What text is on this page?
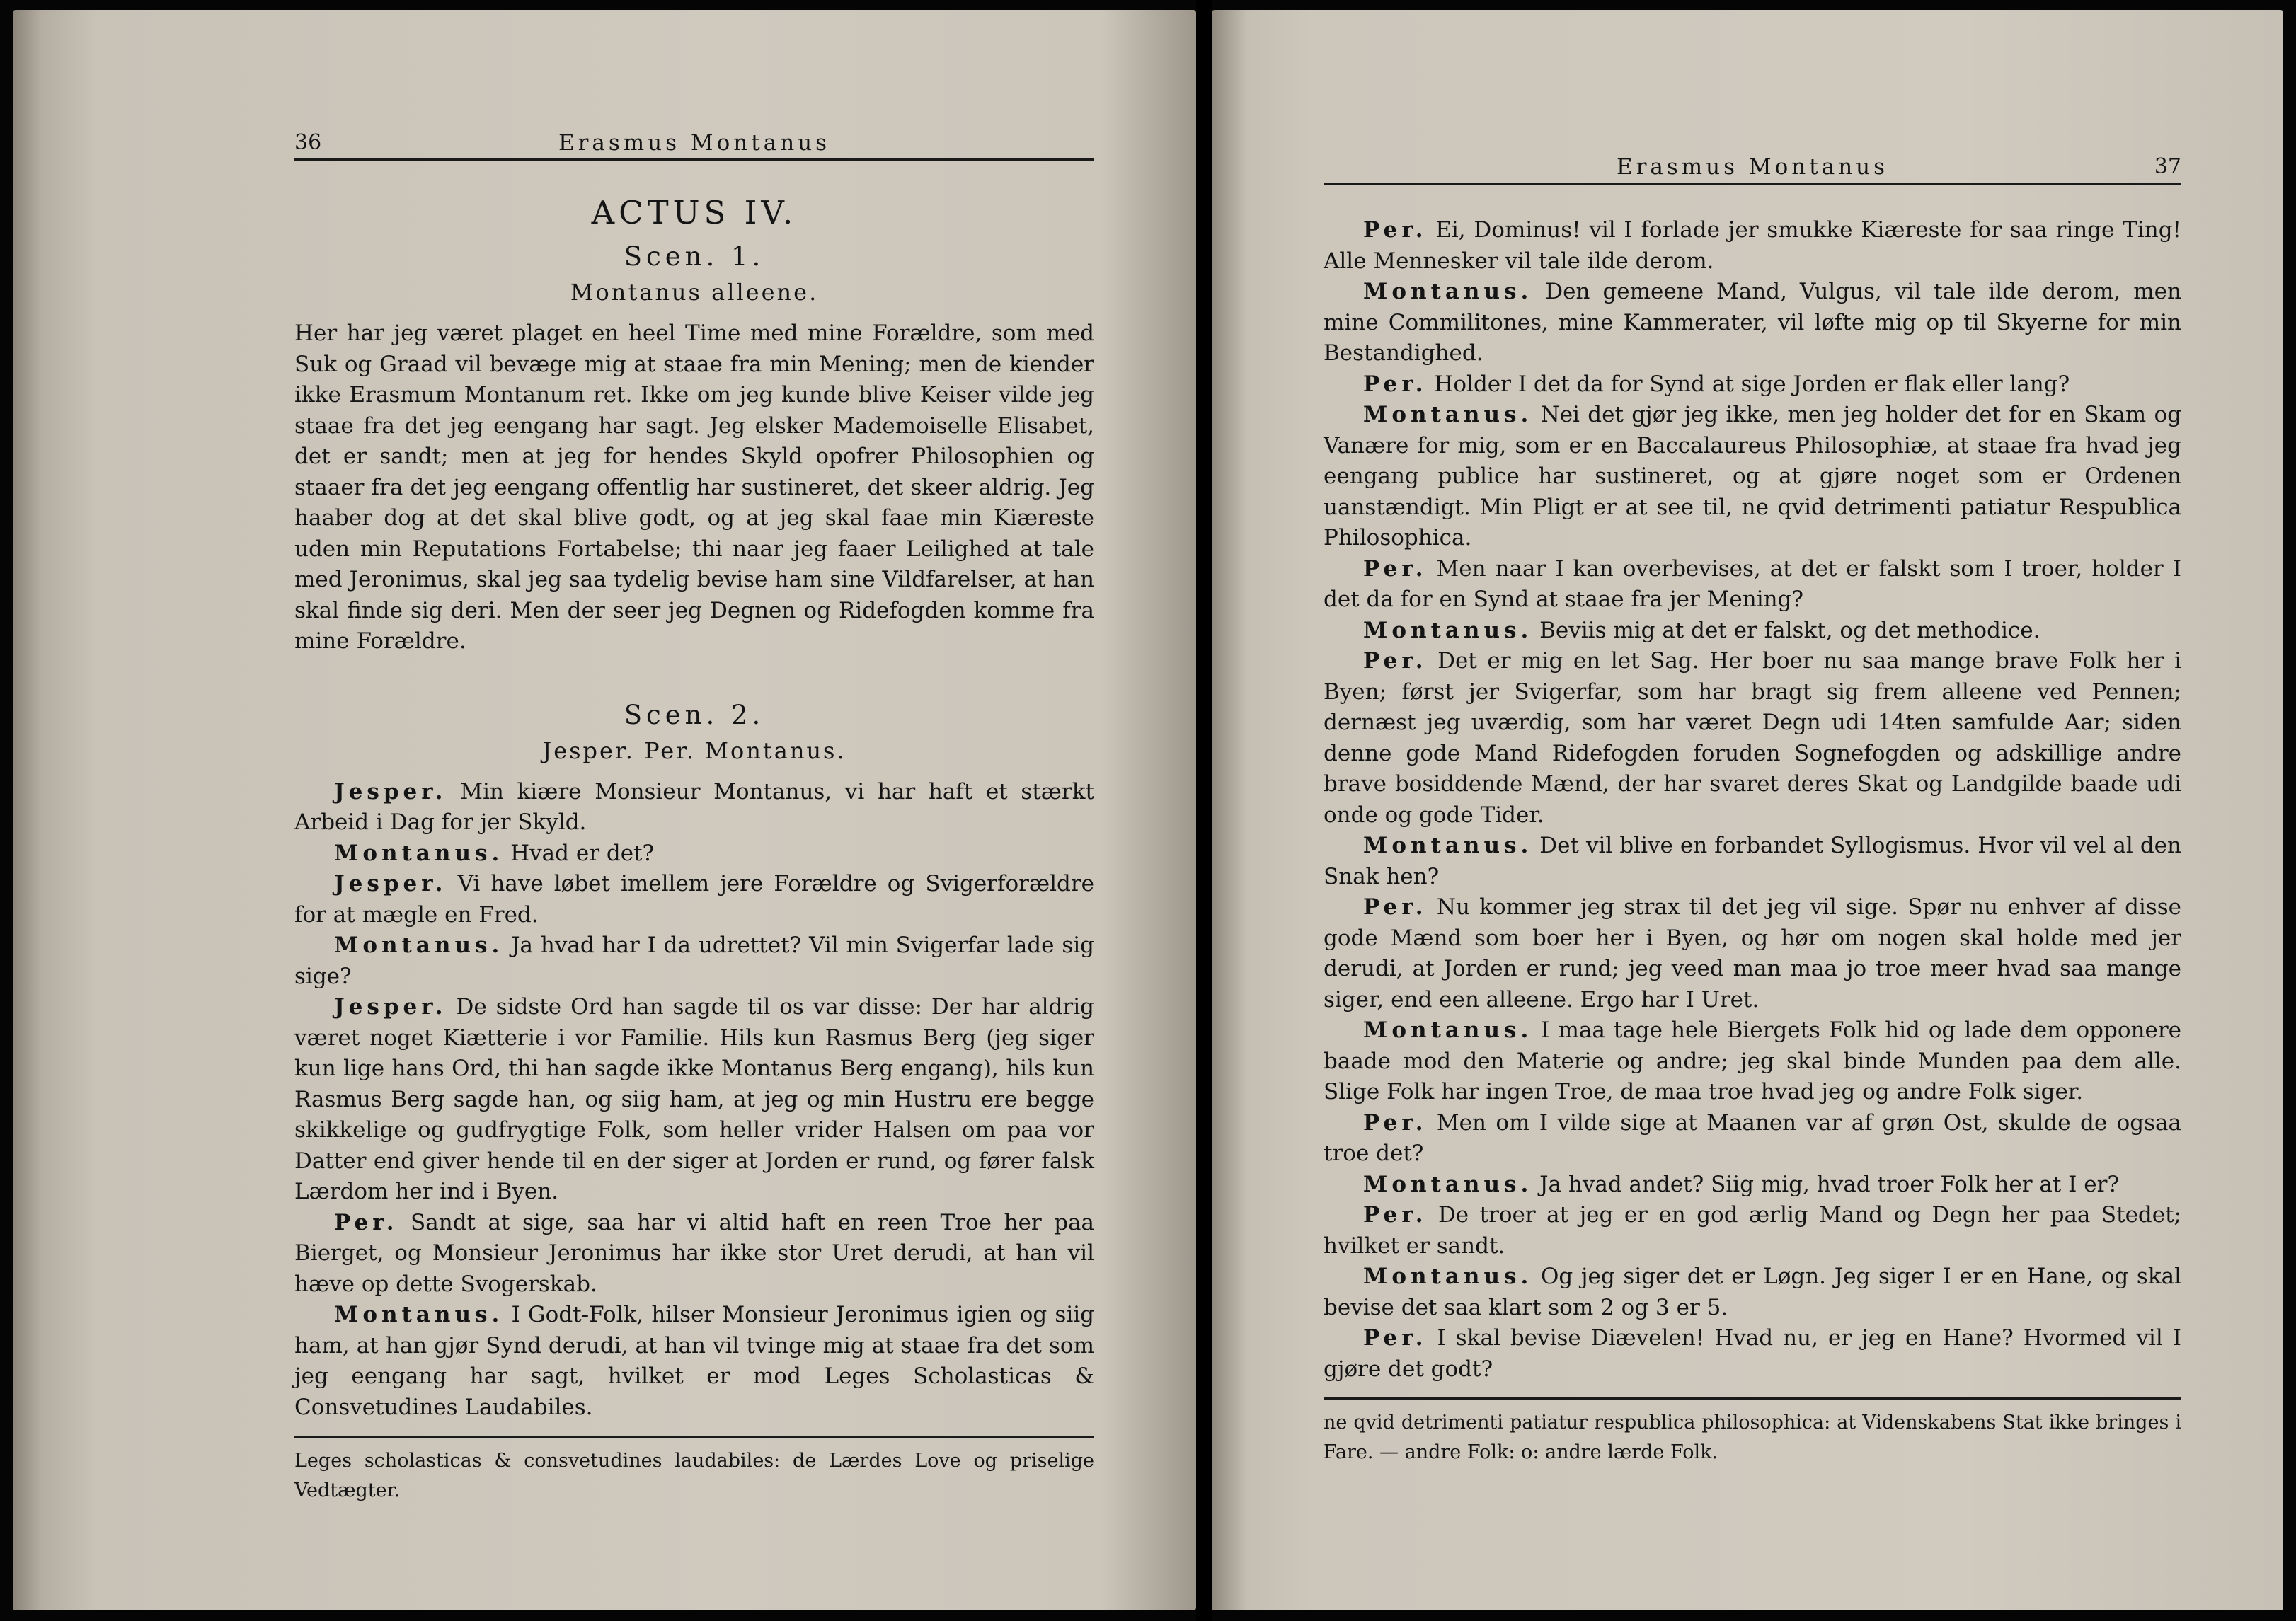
36	Erasmus Montanus
ACTUS IV.
Scen. 1.
Montanus alleene.

Her har jeg været plaget en heel Time med mine Forældre, som med Suk og Graad vil bevæge mig at staae fra min Mening; men de kiender ikke Erasmum Montanum ret. Ikke om jeg kunde blive Keiser vilde jeg staae fra det jeg eengang har sagt. Jeg elsker Mademoiselle Elisabet, det er sandt; men at jeg for hendes Skyld opofrer Philosophien og staaer fra det jeg eengang offentlig har sustineret, det skeer aldrig. Jeg haaber dog at det skal blive godt, og at jeg skal faae min Kiæreste uden min Reputations Fortabelse; thi naar jeg faaer Leilighed at tale med Jeronimus, skal jeg saa tydelig bevise ham sine Vildfarelser, at han skal finde sig deri. Men der seer jeg Degnen og Ridefogden komme fra mine Forældre.

Scen. 2.
Jesper. Per. Montanus.

Jesper. Min kiære Monsieur Montanus, vi har haft et stærkt Arbeid i Dag for jer Skyld.

Montanus. Hvad er det?

Jesper. Vi have løbet imellem jere Forældre og Svigerforældre for at mægle en Fred.

Montanus. Ja hvad har I da udrettet? Vil min Svigerfar lade sig sige?

Jesper. De sidste Ord han sagde til os var disse: Der har aldrig været noget Kiætterie i vor Familie. Hils kun Rasmus Berg (jeg siger kun lige hans Ord, thi han sagde ikke Montanus Berg engang), hils kun Rasmus Berg sagde han, og siig ham, at jeg og min Hustru ere begge skikkelige og gudfrygtige Folk, som heller vrider Halsen om paa vor Datter end giver hende til en der siger at Jorden er rund, og fører falsk Lærdom her ind i Byen.

Per. Sandt at sige, saa har vi altid haft en reen Troe her paa Bierget, og Monsieur Jeronimus har ikke stor Uret derudi, at han vil hæve op dette Svogerskab.

Montanus. I Godt-Folk, hilser Monsieur Jeronimus igien og siig ham, at han gjør Synd derudi, at han vil tvinge mig at staae fra det som jeg eengang har sagt, hvilket er mod Leges Scholasticas & Consvetudines Laudabiles.

Leges scholasticas & consvetudines laudabiles: de Lærdes Love og priselige Vedtægter.

Erasmus Montanus	37

Per. Ei, Dominus! vil I forlade jer smukke Kiæreste for saa ringe Ting! Alle Mennesker vil tale ilde derom.

Montanus. Den gemeene Mand, Vulgus, vil tale ilde derom, men mine Commilitones, mine Kammerater, vil løfte mig op til Skyerne for min Bestandighed.

Per. Holder I det da for Synd at sige Jorden er flak eller lang?

Montanus. Nei det gjør jeg ikke, men jeg holder det for en Skam og Vanære for mig, som er en Baccalaureus Philosophiæ, at staae fra hvad jeg eengang publice har sustineret, og at gjøre noget som er Ordenen uanstændigt. Min Pligt er at see til, ne qvid detrimenti patiatur Respublica Philosophica.

Per. Men naar I kan overbevises, at det er falskt som I troer, holder I det da for en Synd at staae fra jer Mening?

Montanus. Beviis mig at det er falskt, og det methodice.

Per. Det er mig en let Sag. Her boer nu saa mange brave Folk her i Byen; først jer Svigerfar, som har bragt sig frem alleene ved Pennen; dernæst jeg uværdig, som har været Degn udi 14ten samfulde Aar; siden denne gode Mand Ridefogden foruden Sognefogden og adskillige andre brave bosiddende Mænd, der har svaret deres Skat og Landgilde baade udi onde og gode Tider.

Montanus. Det vil blive en forbandet Syllogismus. Hvor vil vel al den Snak hen?

Per. Nu kommer jeg strax til det jeg vil sige. Spør nu enhver af disse gode Mænd som boer her i Byen, og hør om nogen skal holde med jer derudi, at Jorden er rund; jeg veed man maa jo troe meer hvad saa mange siger, end een alleene. Ergo har I Uret.

Montanus. I maa tage hele Biergets Folk hid og lade dem opponere baade mod den Materie og andre; jeg skal binde Munden paa dem alle. Slige Folk har ingen Troe, de maa troe hvad jeg og andre Folk siger.

Per. Men om I vilde sige at Maanen var af grøn Ost, skulde de ogsaa troe det?

Montanus. Ja hvad andet? Siig mig, hvad troer Folk her at I er?

Per. De troer at jeg er en god ærlig Mand og Degn her paa Stedet; hvilket er sandt.

Montanus. Og jeg siger det er Løgn. Jeg siger I er en Hane, og skal bevise det saa klart som 2 og 3 er 5.

Per. I skal bevise Diævelen! Hvad nu, er jeg en Hane? Hvormed vil I gjøre det godt?

ne qvid detrimenti patiatur respublica philosophica: at Videnskabens Stat ikke bringes i Fare. — andre Folk: o: andre lærde Folk.
